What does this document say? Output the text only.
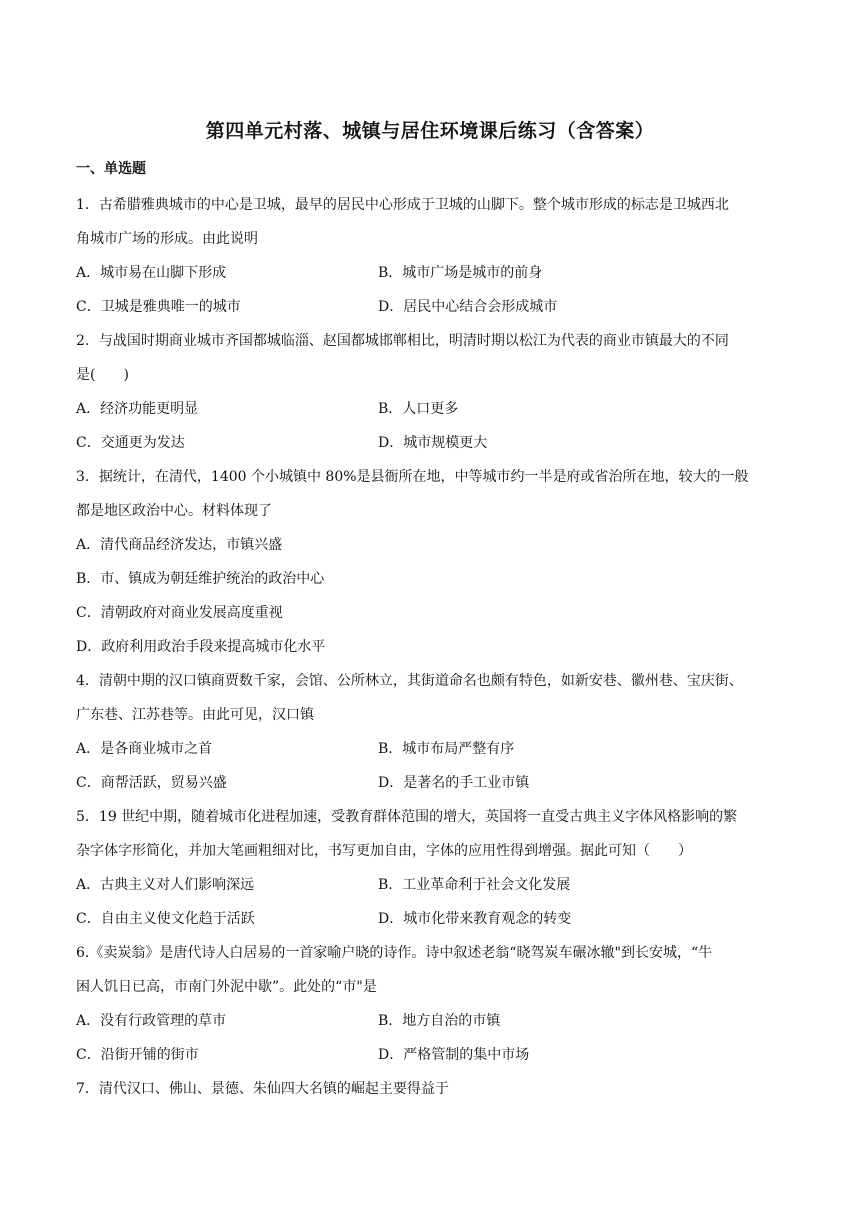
第四单元村落、城镇与居住环境课后练习（含答案）
一、单选题
1．古希腊雅典城市的中心是卫城，最早的居民中心形成于卫城的山脚下。整个城市形成的标志是卫城西北
角城市广场的形成。由此说明
A．城市易在山脚下形成	B．城市广场是城市的前身
C．卫城是雅典唯一的城市	D．居民中心结合会形成城市
2．与战国时期商业城市齐国都城临淄、赵国都城邯郸相比，明清时期以松江为代表的商业市镇最大的不同
是(　　)
A．经济功能更明显	B．人口更多
C．交通更为发达	D．城市规模更大
3．据统计，在清代，1400 个小城镇中 80%是县衙所在地，中等城市约一半是府或省治所在地，较大的一般
都是地区政治中心。材料体现了
A．清代商品经济发达，市镇兴盛
B．市、镇成为朝廷维护统治的政治中心
C．清朝政府对商业发展高度重视
D．政府利用政治手段来提高城市化水平
4．清朝中期的汉口镇商贾数千家，会馆、公所林立，其街道命名也颇有特色，如新安巷、徽州巷、宝庆街、
广东巷、江苏巷等。由此可见，汉口镇
A．是各商业城市之首	B．城市布局严整有序
C．商帮活跃，贸易兴盛	D．是著名的手工业市镇
5．19 世纪中期，随着城市化进程加速，受教育群体范围的增大，英国将一直受古典主义字体风格影响的繁
杂字体字形简化，并加大笔画粗细对比，书写更加自由，字体的应用性得到增强。据此可知（　　）
A．古典主义对人们影响深远	B．工业革命利于社会文化发展
C．自由主义使文化趋于活跃	D．城市化带来教育观念的转变
6.《卖炭翁》是唐代诗人白居易的一首家喻户晓的诗作。诗中叙述老翁“晓驾炭车碾冰辙"到长安城，“牛
困人饥日已高，市南门外泥中歇”。此处的“市"是
A．没有行政管理的草市	B．地方自治的市镇
C．沿街开铺的街市	D．严格管制的集中市场
7．清代汉口、佛山、景德、朱仙四大名镇的崛起主要得益于
